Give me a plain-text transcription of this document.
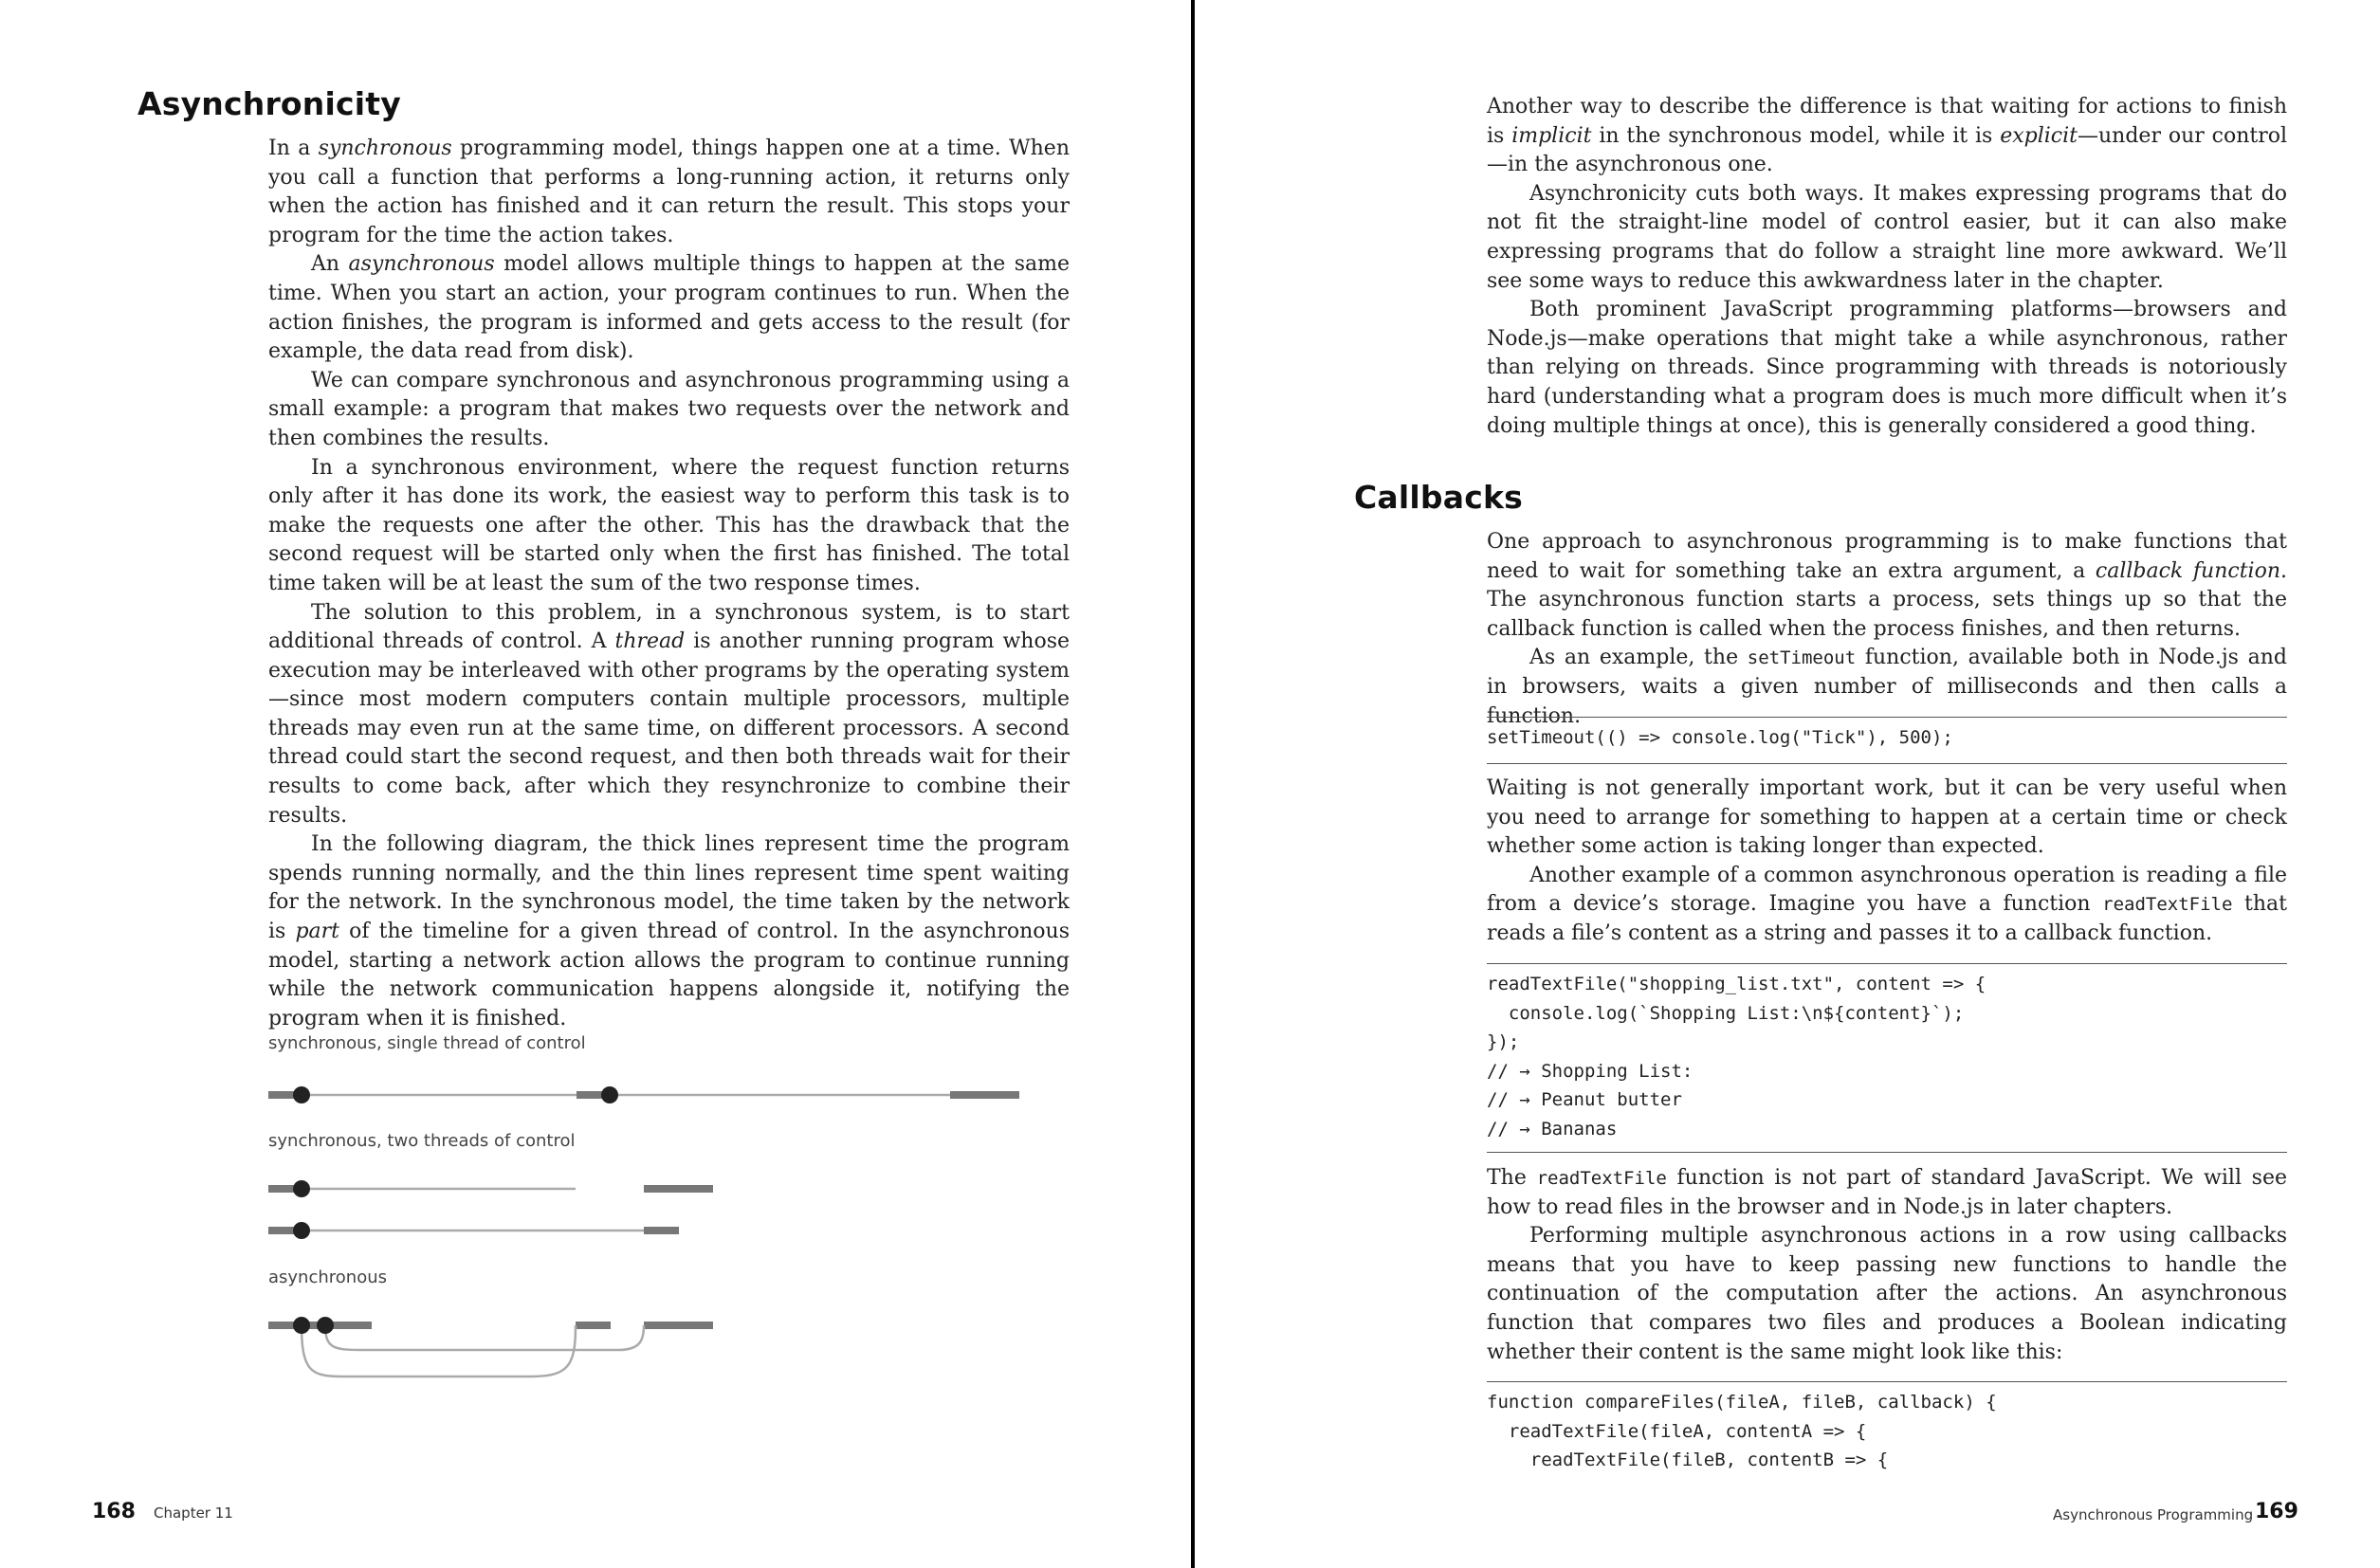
Asynchronicity

In a synchronous programming model, things happen one at a time. When you call a function that performs a long-running action, it returns only when the action has finished and it can return the result. This stops your program for the time the action takes.

An asynchronous model allows multiple things to happen at the same time. When you start an action, your program continues to run. When the action finishes, the program is informed and gets access to the result (for example, the data read from disk).

We can compare synchronous and asynchronous programming using a small example: a program that makes two requests over the network and then combines the results.

In a synchronous environment, where the request function returns only after it has done its work, the easiest way to perform this task is to make the requests one after the other. This has the drawback that the second request will be started only when the first has finished. The total time taken will be at least the sum of the two response times.

The solution to this problem, in a synchronous system, is to start additional threads of control. A thread is another running program whose execution may be interleaved with other programs by the operating system—since most modern computers contain multiple processors, multiple threads may even run at the same time, on different processors. A second thread could start the second request, and then both threads wait for their results to come back, after which they resynchronize to combine their results.

In the following diagram, the thick lines represent time the program spends running normally, and the thin lines represent time spent waiting for the network. In the synchronous model, the time taken by the network is part of the timeline for a given thread of control. In the asynchronous model, starting a network action allows the program to continue running while the network communication happens alongside it, notifying the program when it is finished.

synchronous, single thread of control
synchronous, two threads of control
asynchronous
168 Chapter 11

Another way to describe the difference is that waiting for actions to finish is implicit in the synchronous model, while it is explicit—under our control—in the asynchronous one.

Asynchronicity cuts both ways. It makes expressing programs that do not fit the straight-line model of control easier, but it can also make expressing programs that do follow a straight line more awkward. We’ll see some ways to reduce this awkwardness later in the chapter.

Both prominent JavaScript programming platforms—browsers and Node.js—make operations that might take a while asynchronous, rather than relying on threads. Since programming with threads is notoriously hard (understanding what a program does is much more difficult when it’s doing multiple things at once), this is generally considered a good thing.

Callbacks

One approach to asynchronous programming is to make functions that need to wait for something take an extra argument, a callback function. The asynchronous function starts a process, sets things up so that the callback function is called when the process finishes, and then returns.

As an example, the setTimeout function, available both in Node.js and in browsers, waits a given number of milliseconds and then calls a function.

setTimeout(() => console.log("Tick"), 500);

Waiting is not generally important work, but it can be very useful when you need to arrange for something to happen at a certain time or check whether some action is taking longer than expected.

Another example of a common asynchronous operation is reading a file from a device’s storage. Imagine you have a function readTextFile that reads a file’s content as a string and passes it to a callback function.

readTextFile("shopping_list.txt", content => {
console.log(`Shopping List:\n${content}`);
});
// → Shopping List:
// → Peanut butter
// → Bananas

The readTextFile function is not part of standard JavaScript. We will see how to read files in the browser and in Node.js in later chapters.

Performing multiple asynchronous actions in a row using callbacks means that you have to keep passing new functions to handle the continuation of the computation after the actions. An asynchronous function that compares two files and produces a Boolean indicating whether their content is the same might look like this:

function compareFiles(fileA, fileB, callback) {
readTextFile(fileA, contentA => {
readTextFile(fileB, contentB => {
Asynchronous Programming 169
